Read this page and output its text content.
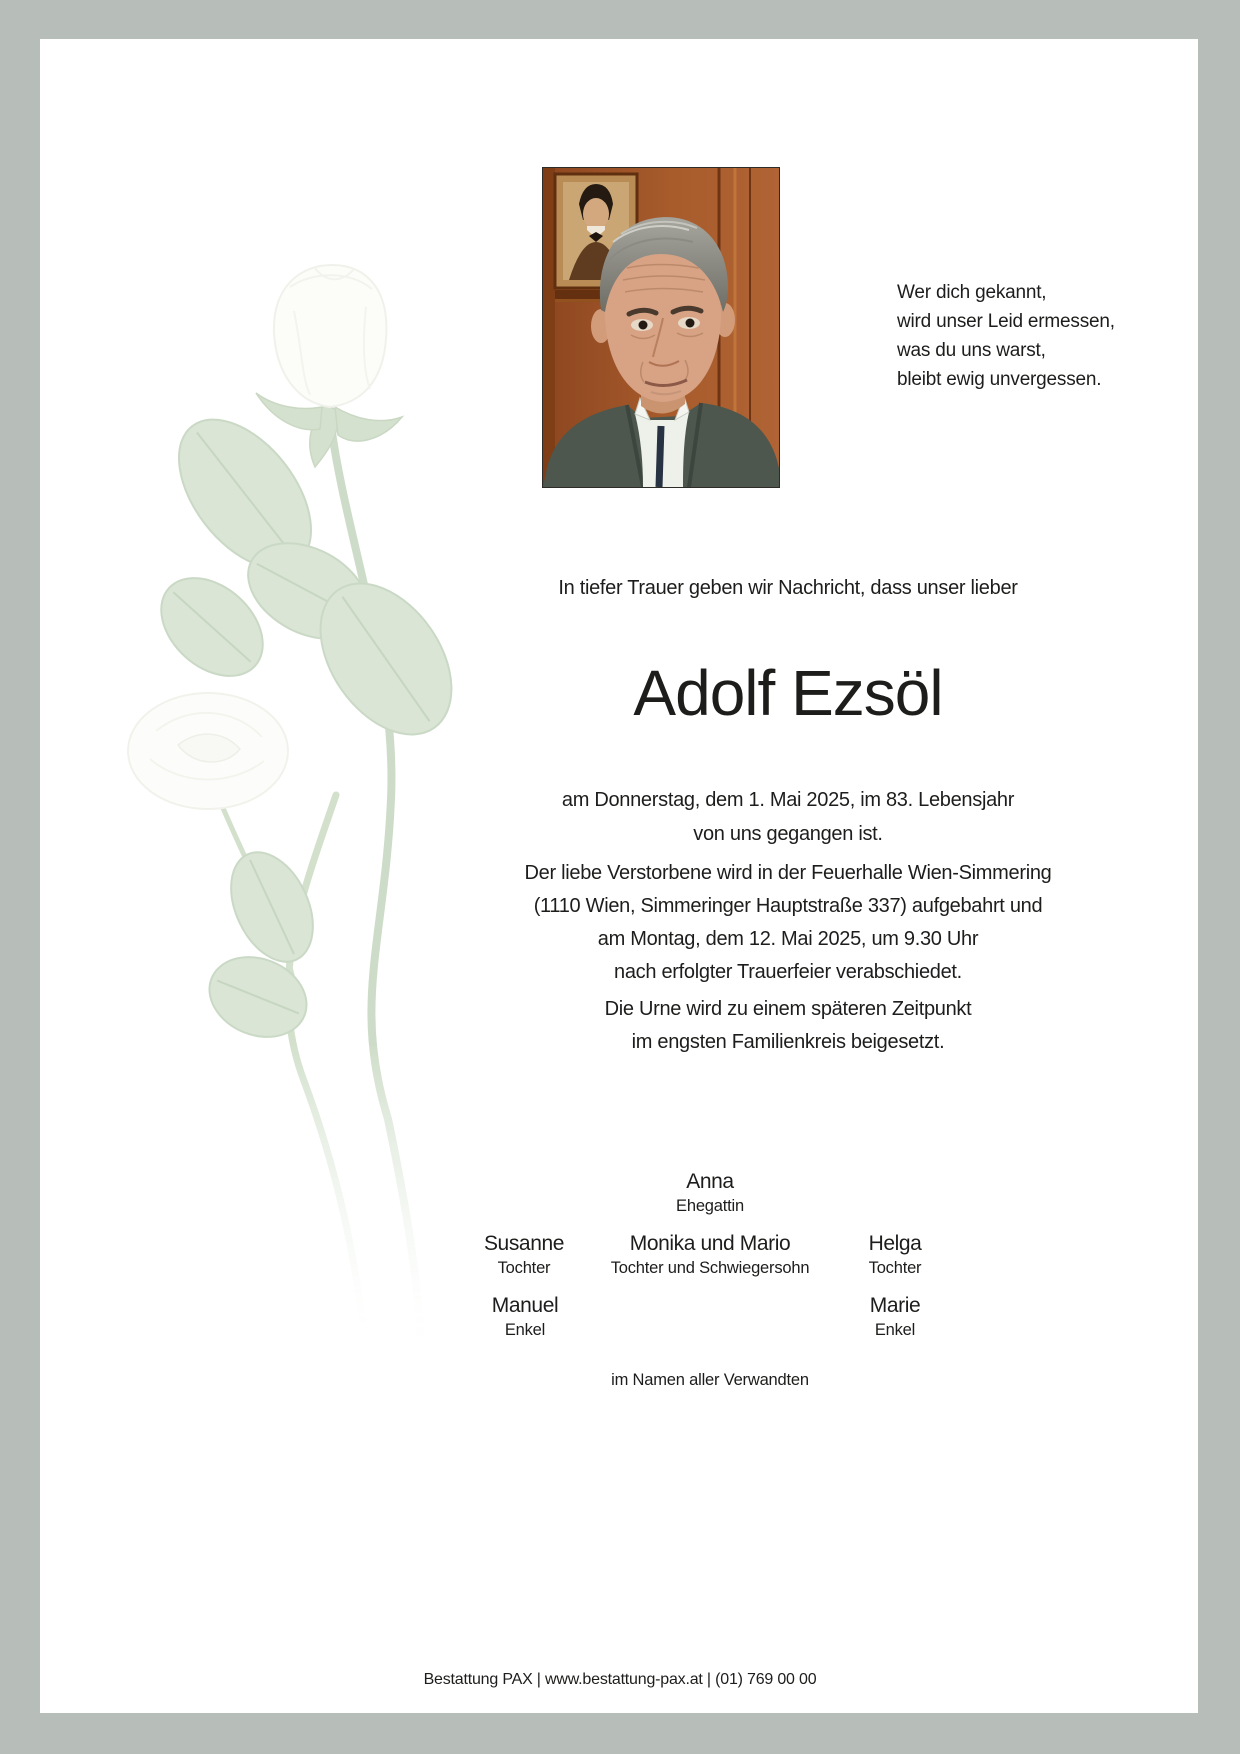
Wer dich gekannt,
wird unser Leid ermessen,
was du uns warst,
bleibt ewig unvergessen.
In tiefer Trauer geben wir Nachricht, dass unser lieber
Adolf Ezsöl
am Donnerstag, dem 1. Mai 2025, im 83. Lebensjahr
von uns gegangen ist.
Der liebe Verstorbene wird in der Feuerhalle Wien-Simmering
(1110 Wien, Simmeringer Hauptstraße 337) aufgebahrt und
am Montag, dem 12. Mai 2025, um 9.30 Uhr
nach erfolgter Trauerfeier verabschiedet.
Die Urne wird zu einem späteren Zeitpunkt
im engsten Familienkreis beigesetzt.
Anna
Ehegattin
Susanne
Tochter
Monika und Mario
Tochter und Schwiegersohn
Helga
Tochter
Manuel
Enkel
Marie
Enkel
im Namen aller Verwandten
Bestattung PAX | www.bestattung-pax.at | (01) 769 00 00
